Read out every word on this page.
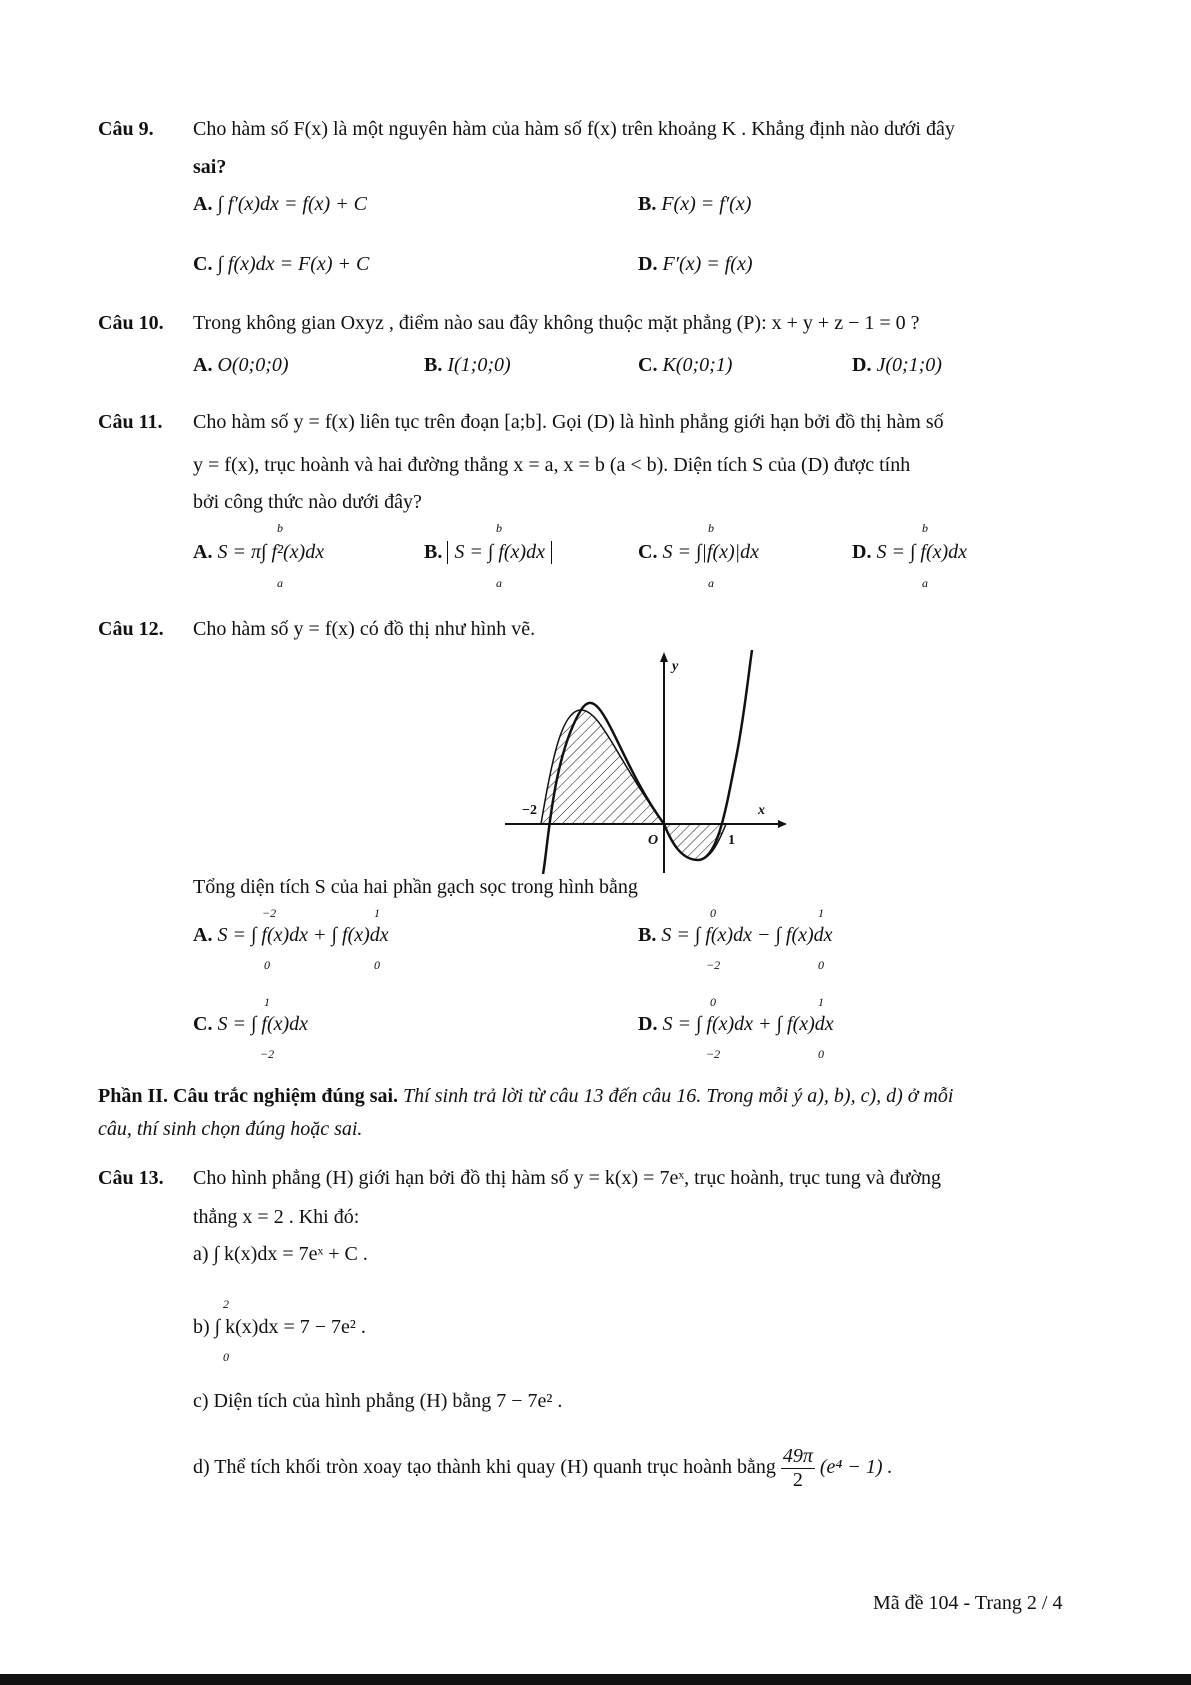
Câu 9. Cho hàm số F(x) là một nguyên hàm của hàm số f(x) trên khoảng K . Khẳng định nào dưới đây
sai?
A. ∫ f′(x)dx = f(x) + C	B. F(x) = f′(x)
C. ∫ f(x)dx = F(x) + C	D. F′(x) = f(x)
Câu 10. Trong không gian Oxyz , điểm nào sau đây không thuộc mặt phẳng (P): x + y + z − 1 = 0 ?
A. O(0;0;0)	B. I(1;0;0)	C. K(0;0;1)	D. J(0;1;0)
Câu 11. Cho hàm số y = f(x) liên tục trên đoạn [a;b]. Gọi (D) là hình phẳng giới hạn bởi đồ thị hàm số
y = f(x), trục hoành và hai đường thẳng x = a, x = b (a < b). Diện tích S của (D) được tính
bởi công thức nào dưới đây?
A. S = π∫ f²(x)dx
b
a
B. S = ∫ f(x)dx
b
a
C. S = ∫|f(x)|dx
b
a
D. S = ∫ f(x)dx
b
a
Câu 12. Cho hàm số y = f(x) có đồ thị như hình vẽ.
y
x
O
−2
1
Tổng diện tích S của hai phần gạch sọc trong hình bằng
A. S = ∫ f(x)dx + ∫ f(x)dx
−2
0
1
0
B. S = ∫ f(x)dx − ∫ f(x)dx
0
−2
1
0
C. S = ∫ f(x)dx
1
−2
D. S = ∫ f(x)dx + ∫ f(x)dx
0
−2
1
0
Phần II. Câu trắc nghiệm đúng sai. Thí sinh trả lời từ câu 13 đến câu 16. Trong mỗi ý a), b), c), d) ở mỗi
câu, thí sinh chọn đúng hoặc sai.
Câu 13. Cho hình phẳng (H) giới hạn bởi đồ thị hàm số y = k(x) = 7eˣ, trục hoành, trục tung và đường
thẳng x = 2 . Khi đó:
a) ∫ k(x)dx = 7eˣ + C .
b) ∫ k(x)dx = 7 − 7e² .
2
0
c) Diện tích của hình phẳng (H) bằng 7 − 7e² .
d) Thể tích khối tròn xoay tạo thành khi quay (H) quanh trục hoành bằng $\frac{49\pi}{2} (e^4 - 1)$ .
Mã đề 104 - Trang 2 / 4
